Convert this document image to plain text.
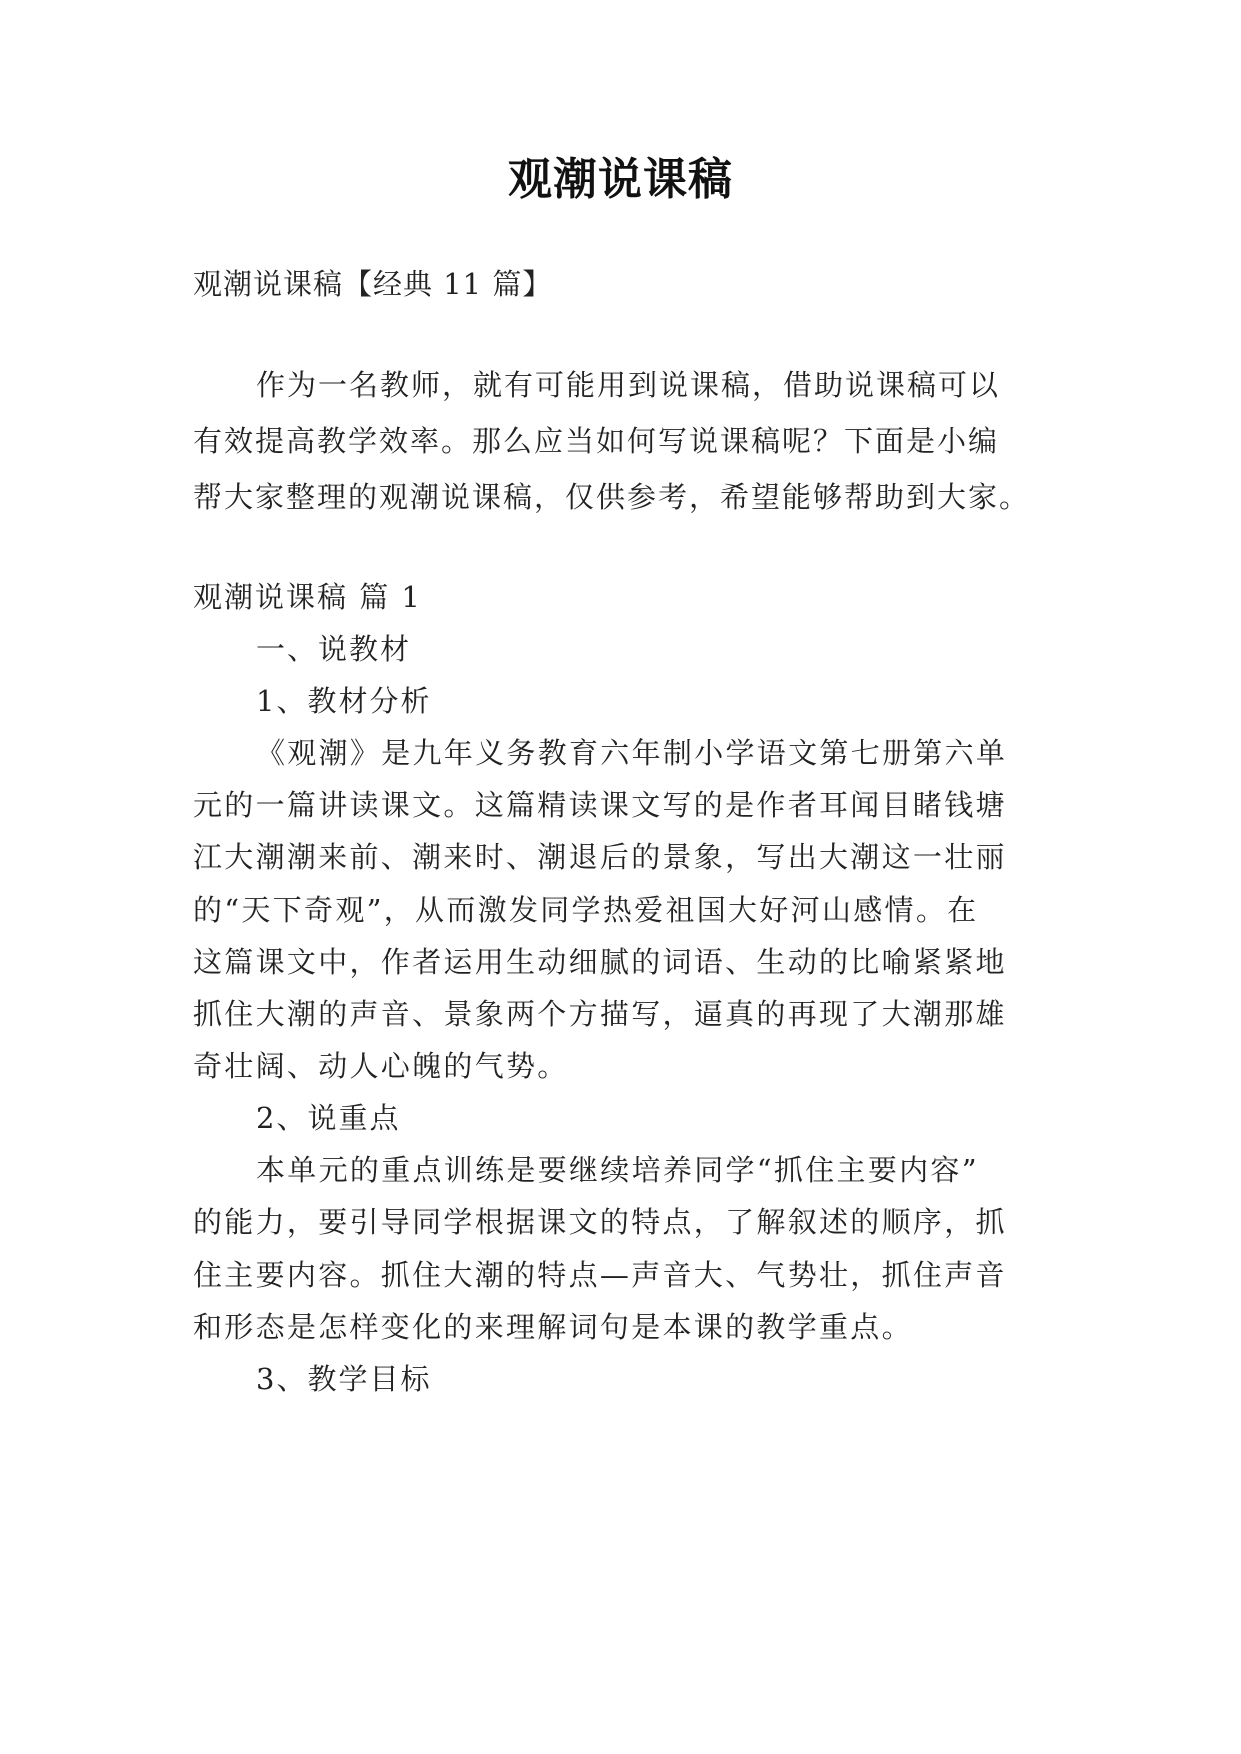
观潮说课稿
观潮说课稿【经典 11 篇】
作为一名教师，就有可能用到说课稿，借助说课稿可以
有效提高教学效率。那么应当如何写说课稿呢？下面是小编
帮大家整理的观潮说课稿，仅供参考，希望能够帮助到大家。
观潮说课稿 篇 1
一、说教材
1、教材分析
《观潮》是九年义务教育六年制小学语文第七册第六单
元的一篇讲读课文。这篇精读课文写的是作者耳闻目睹钱塘
江大潮潮来前、潮来时、潮退后的景象，写出大潮这一壮丽
的“天下奇观”，从而激发同学热爱祖国大好河山感情。在
这篇课文中，作者运用生动细腻的词语、生动的比喻紧紧地
抓住大潮的声音、景象两个方描写，逼真的再现了大潮那雄
奇壮阔、动人心魄的气势。
2、说重点
本单元的重点训练是要继续培养同学“抓住主要内容”
的能力，要引导同学根据课文的特点，了解叙述的顺序，抓
住主要内容。抓住大潮的特点—声音大、气势壮，抓住声音
和形态是怎样变化的来理解词句是本课的教学重点。
3、教学目标
